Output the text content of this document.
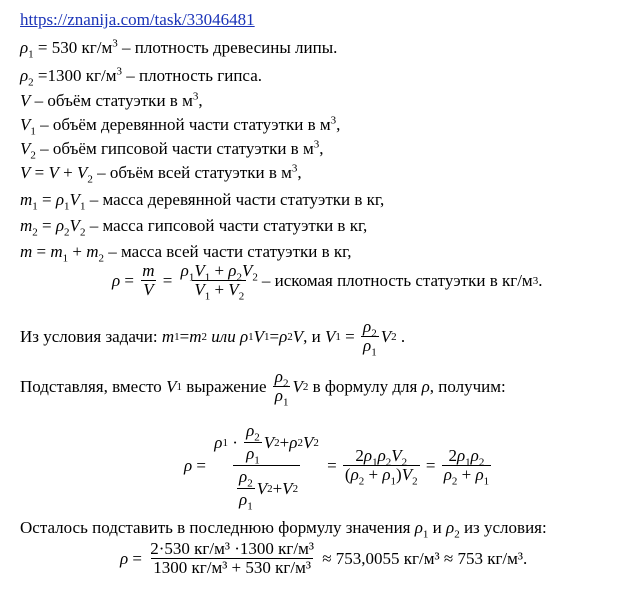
https://znanija.com/task/33046481
$\rho_1 = 530$ $кг/м^3$ – плотность древесины липы.
$\rho_2 =1300$ $кг/м^3$ – плотность гипса.
V – объём статуэтки в $м^3$,
$V_1$ – объём деревянной части статуэтки в $м^3$,
$V_2$ – объём гипсовой части статуэтки в $м^3$,
$V = V + V_2$ – объём всей статуэтки в $м^3$,
$m_1 = \rho_1V_1$ – масса деревянной части статуэтки в кг,
$m_2 = \rho_2V_2$ – масса гипсовой части статуэтки в кг,
$m = m_1 + m_2$ – масса всей части статуэтки в кг,
$\rho = \frac{m}{V} = \frac{\rho_1V_1 + \rho_2V_2}{V_1 + V_2}$ – искомая плотность статуэтки в кг/м 3 .
Из условия задачи:
m 1 = m 2
или
ρ 1 V 1 = ρ 2 V , и
V $1 = \frac{\rho_2}{\rho_1}$ V 2 .
Подставляя, вместо
V 1
выражение
$\frac{\rho_2}{\rho_1}$ V 2
в формулу для
ρ , получим:
$\rho = \frac{\rho 1 \cdot \frac{\rho_2}{\rho_1} V 2 + \rho 2 V 2}{\frac{\rho_2}{\rho_1} V 2 + V 2} = \frac{2\rho_1\rho_2V_2}{(\rho_2 + \rho_1)V_2} = \frac{2\rho_1\rho_2}{\rho_2 + \rho_1}$
Осталось подставить в последнюю формулу значения $\rho_1$ и $\rho_2$ из условия:
$\rho = \frac{\text{2·530 кг/м³ ·1300 кг/м³}}{\text{1300 кг/м³ + 530 кг/м³}}$
≈ 753,0055 кг/м³ ≈ 753 кг/м³.
